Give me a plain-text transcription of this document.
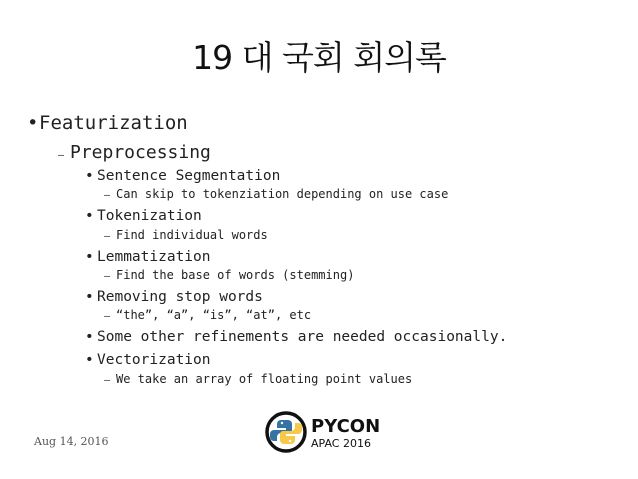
19 대 국회 회의록
•Featurization
– Preprocessing
• Sentence Segmentation
– Can skip to tokenziation depending on use case
• Tokenization
– Find individual words
• Lemmatization
– Find the base of words (stemming)
• Removing stop words
– “the”, “a”, “is”, “at”, etc
• Some other refinements are needed occasionally.
• Vectorization
– We take an array of floating point values
Aug 14, 2016
PYCON
APAC 2016
